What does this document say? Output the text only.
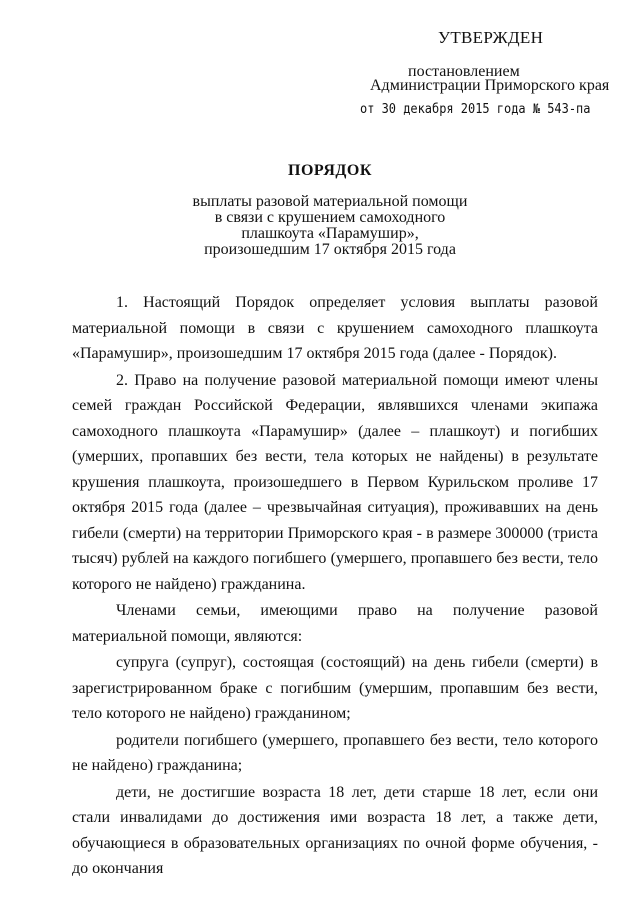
УТВЕРЖДЕН
постановлением
Администрации Приморского края
от 30 декабря 2015 года № 543-па
ПОРЯДОК
выплаты разовой материальной помощи
в связи с крушением самоходного
плашкоута «Парамушир»,
произошедшим 17 октября 2015 года

1. Настоящий Порядок определяет условия выплаты разовой материальной помощи в связи с крушением самоходного плашкоута «Парамушир», произошедшим 17 октября 2015 года (далее - Порядок).

2. Право на получение разовой материальной помощи имеют члены семей граждан Российской Федерации, являвшихся членами экипажа самоходного плашкоута «Парамушир» (далее – плашкоут) и погибших (умерших, пропавших без вести, тела которых не найдены) в результате крушения плашкоута, произошедшего в Первом Курильском проливе 17 октября 2015 года (далее – чрезвычайная ситуация), проживавших на день гибели (смерти) на территории Приморского края - в размере 300000 (триста тысяч) рублей на каждого погибшего (умершего, пропавшего без вести, тело которого не найдено) гражданина.

Членами семьи, имеющими право на получение разовой материальной помощи, являются:

супруга (супруг), состоящая (состоящий) на день гибели (смерти) в зарегистрированном браке с погибшим (умершим, пропавшим без вести, тело которого не найдено) гражданином;

родители погибшего (умершего, пропавшего без вести, тело которого не найдено) гражданина;

дети, не достигшие возраста 18 лет, дети старше 18 лет, если они стали инвалидами до достижения ими возраста 18 лет, а также дети, обучающиеся в образовательных организациях по очной форме обучения, - до окончания
